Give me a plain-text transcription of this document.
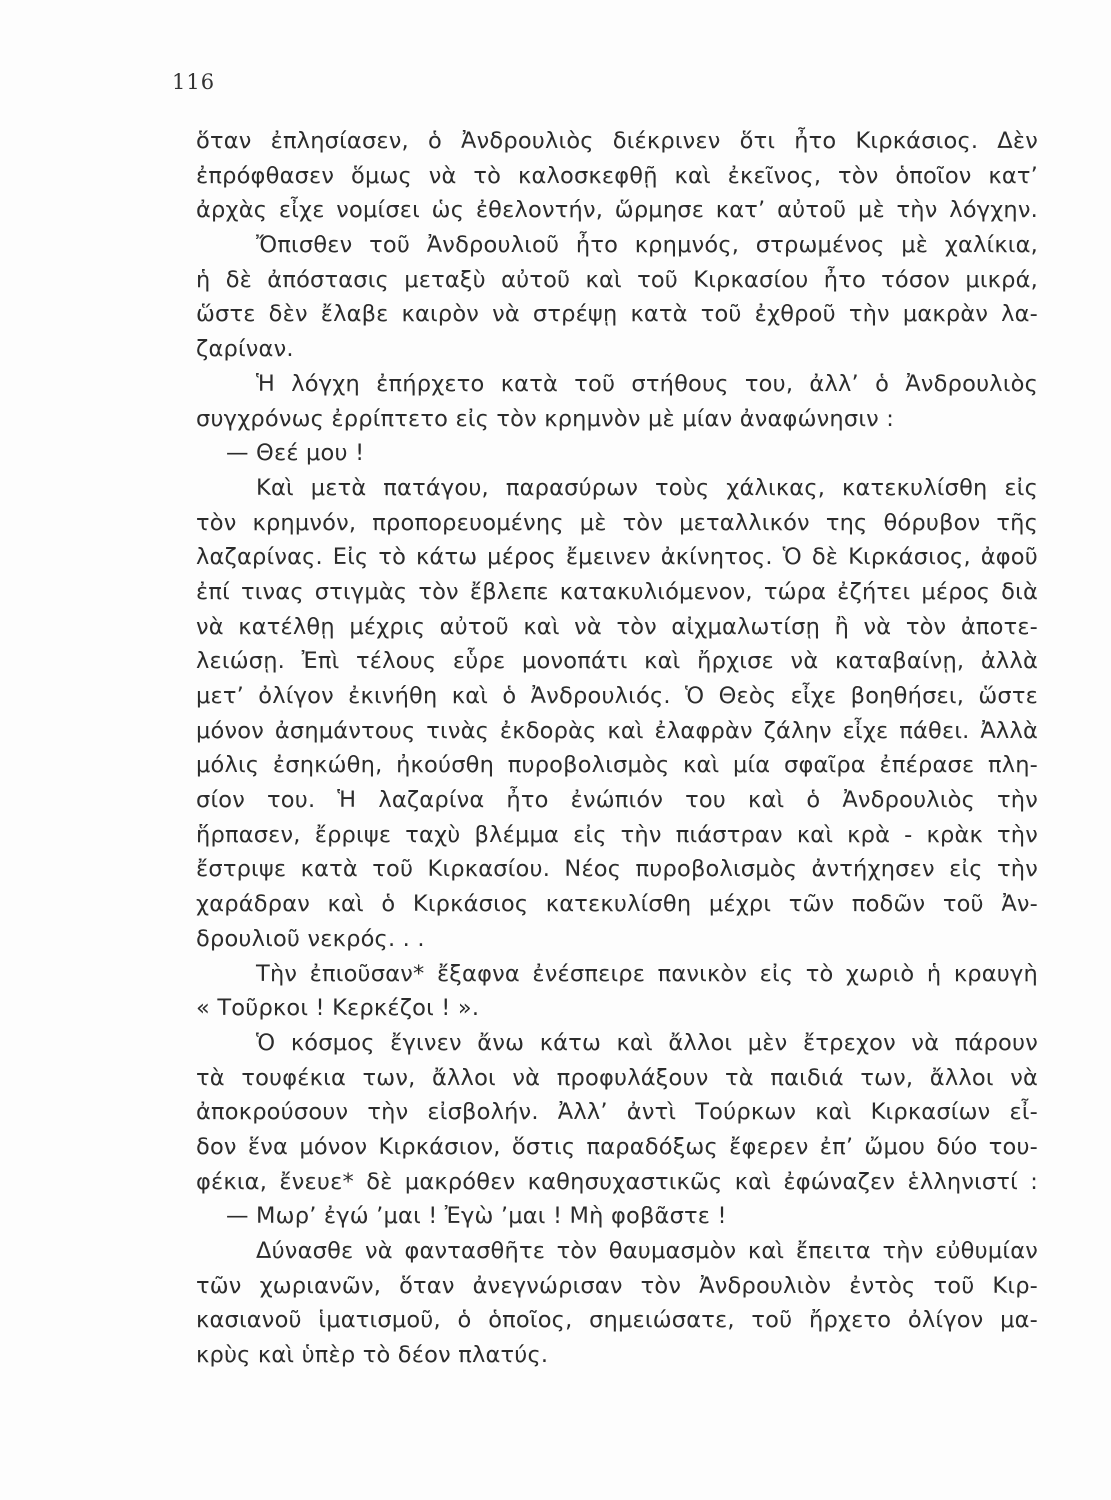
116
ὅταν ἐπλησίασεν, ὁ Ἀνδρουλιὸς διέκρινεν ὅτι ἦτο Κιρκάσιος. Δὲν
ἐπρόφθασεν ὅμως νὰ τὸ καλοσκεφθῇ καὶ ἐκεῖνος, τὸν ὁποῖον κατ’
ἀρχὰς εἶχε νομίσει ὡς ἐθελοντήν, ὥρμησε κατ’ αὐτοῦ μὲ τὴν λόγχην.
Ὄπισθεν τοῦ Ἀνδρουλιοῦ ἦτο κρημνός, στρωμένος μὲ χαλίκια,
ἡ δὲ ἀπόστασις μεταξὺ αὐτοῦ καὶ τοῦ Κιρκασίου ἦτο τόσον μικρά,
ὥστε δὲν ἔλαβε καιρὸν νὰ στρέψῃ κατὰ τοῦ ἐχθροῦ τὴν μακρὰν λα-
ζαρίναν.
Ἡ λόγχη ἐπήρχετο κατὰ τοῦ στήθους του, ἀλλ’ ὁ Ἀνδρουλιὸς
συγχρόνως ἐρρίπτετο εἰς τὸν κρημνὸν μὲ μίαν ἀναφώνησιν :
— Θεέ μου !
Καὶ μετὰ πατάγου, παρασύρων τοὺς χάλικας, κατεκυλίσθη εἰς
τὸν κρημνόν, προπορευομένης μὲ τὸν μεταλλικόν της θόρυβον τῆς
λαζαρίνας. Εἰς τὸ κάτω μέρος ἔμεινεν ἀκίνητος. Ὁ δὲ Κιρκάσιος, ἀφοῦ
ἐπί τινας στιγμὰς τὸν ἔβλεπε κατακυλιόμενον, τώρα ἐζήτει μέρος διὰ
νὰ κατέλθῃ μέχρις αὐτοῦ καὶ νὰ τὸν αἰχμαλωτίσῃ ἢ νὰ τὸν ἀποτε-
λειώσῃ. Ἐπὶ τέλους εὗρε μονοπάτι καὶ ἤρχισε νὰ καταβαίνῃ, ἀλλὰ
μετ’ ὀλίγον ἐκινήθη καὶ ὁ Ἀνδρουλιός. Ὁ Θεὸς εἶχε βοηθήσει, ὥστε
μόνον ἀσημάντους τινὰς ἐκδορὰς καὶ ἐλαφρὰν ζάλην εἶχε πάθει. Ἀλλὰ
μόλις ἐσηκώθη, ἠκούσθη πυροβολισμὸς καὶ μία σφαῖρα ἐπέρασε πλη-
σίον του. Ἡ λαζαρίνα ἦτο ἐνώπιόν του καὶ ὁ Ἀνδρουλιὸς τὴν
ἥρπασεν, ἔρριψε ταχὺ βλέμμα εἰς τὴν πιάστραν καὶ κρὰ - κρὰκ τὴν
ἔστριψε κατὰ τοῦ Κιρκασίου. Νέος πυροβολισμὸς ἀντήχησεν εἰς τὴν
χαράδραν καὶ ὁ Κιρκάσιος κατεκυλίσθη μέχρι τῶν ποδῶν τοῦ Ἀν-
δρουλιοῦ νεκρός. . .
Τὴν ἐπιοῦσαν* ἔξαφνα ἐνέσπειρε πανικὸν εἰς τὸ χωριὸ ἡ κραυγὴ
« Τοῦρκοι ! Κερκέζοι ! ».
Ὁ κόσμος ἔγινεν ἄνω κάτω καὶ ἄλλοι μὲν ἔτρεχον νὰ πάρουν
τὰ τουφέκια των, ἄλλοι νὰ προφυλάξουν τὰ παιδιά των, ἄλλοι νὰ
ἀποκρούσουν τὴν εἰσβολήν. Ἀλλ’ ἀντὶ Τούρκων καὶ Κιρκασίων εἶ-
δον ἕνα μόνον Κιρκάσιον, ὅστις παραδόξως ἔφερεν ἐπ’ ὤμου δύο του-
φέκια, ἔνευε* δὲ μακρόθεν καθησυχαστικῶς καὶ ἐφώναζεν ἑλληνιστί :
— Μωρ’ ἐγώ ’μαι ! Ἐγὼ ’μαι ! Μὴ φοβᾶστε !
Δύνασθε νὰ φαντασθῆτε τὸν θαυμασμὸν καὶ ἔπειτα τὴν εὐθυμίαν
τῶν χωριανῶν, ὅταν ἀνεγνώρισαν τὸν Ἀνδρουλιὸν ἐντὸς τοῦ Κιρ-
κασιανοῦ ἱματισμοῦ, ὁ ὁποῖος, σημειώσατε, τοῦ ἤρχετο ὀλίγον μα-
κρὺς καὶ ὑπὲρ τὸ δέον πλατύς.
